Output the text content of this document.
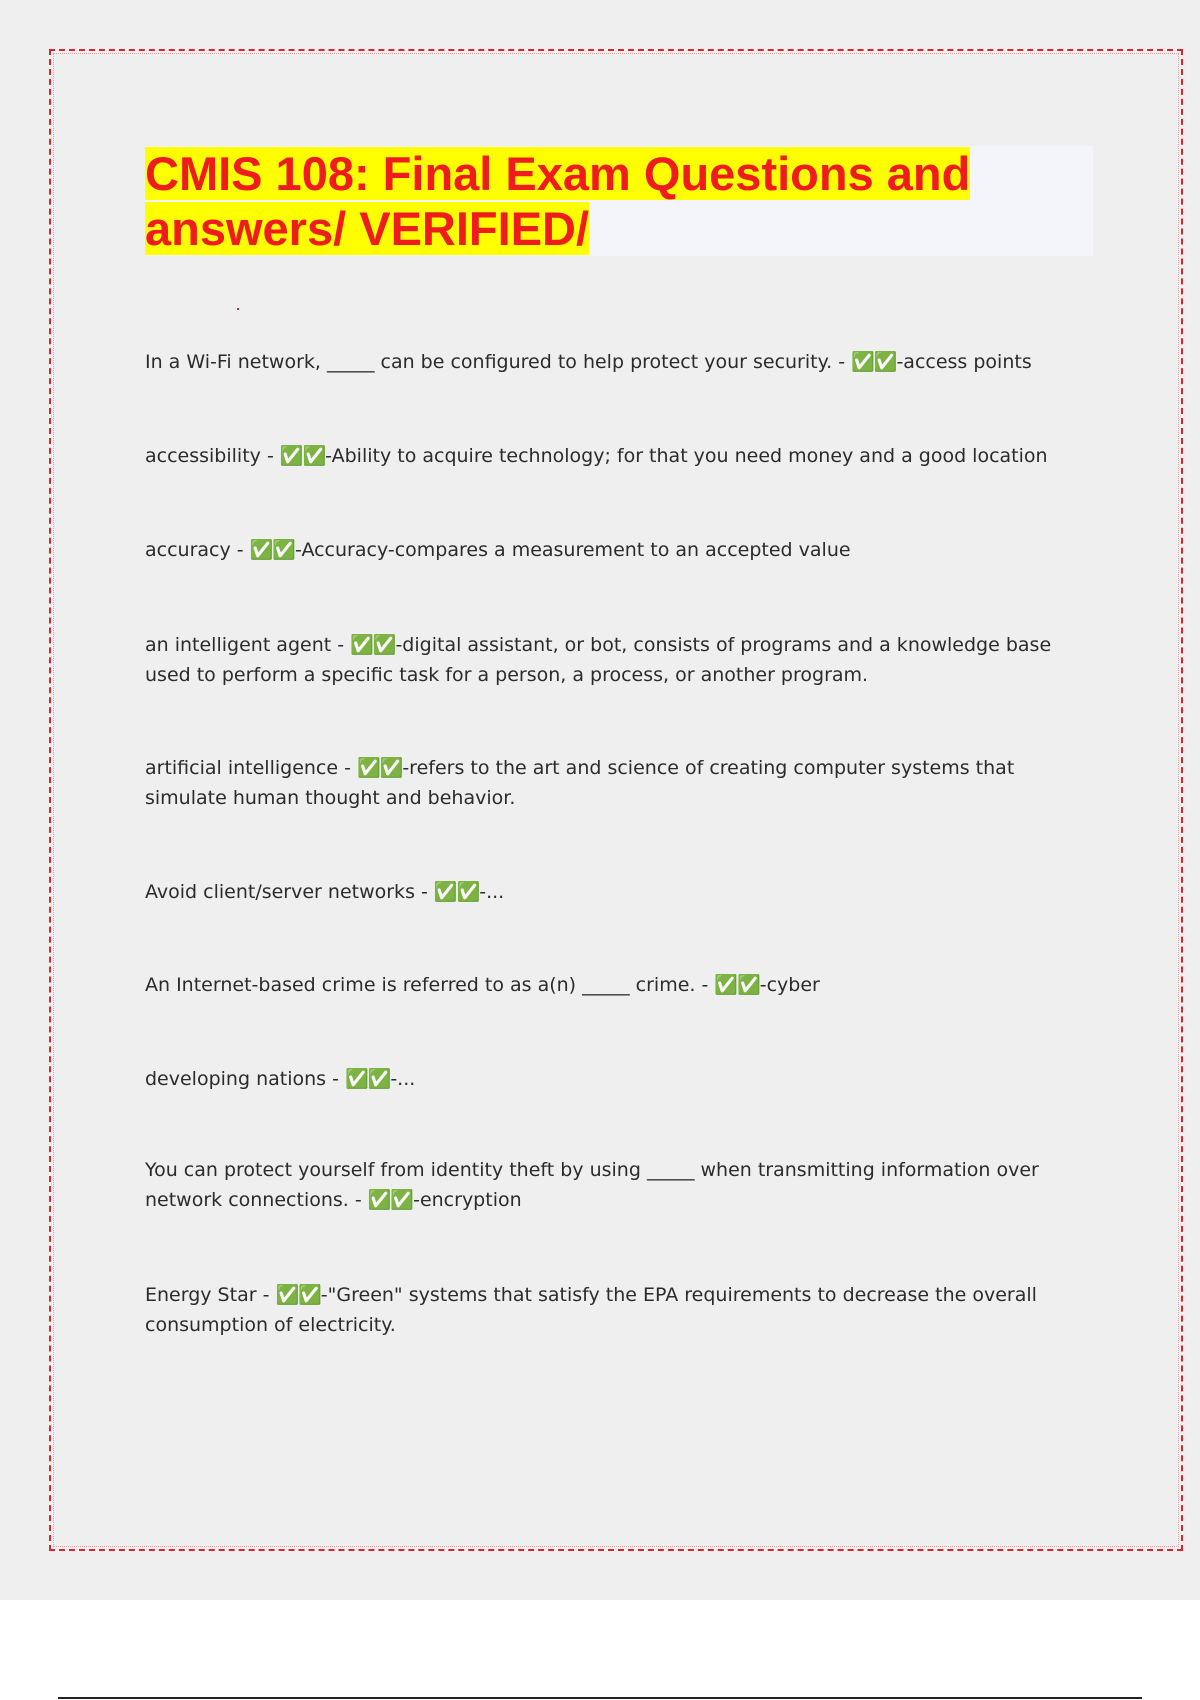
CMIS 108: Final Exam Questions and
answers/ VERIFIED/

In a Wi-Fi network, _____ can be configured to help protect your security. - ✅✅-access points

accessibility - ✅✅-Ability to acquire technology; for that you need money and a good location

accuracy - ✅✅-Accuracy-compares a measurement to an accepted value

an intelligent agent - ✅✅-digital assistant, or bot, consists of programs and a knowledge base used to perform a specific task for a person, a process, or another program.

artificial intelligence - ✅✅-refers to the art and science of creating computer systems that simulate human thought and behavior.

Avoid client/server networks - ✅✅-...

An Internet-based crime is referred to as a(n) _____ crime. - ✅✅-cyber

developing nations - ✅✅-...

You can protect yourself from identity theft by using _____ when transmitting information over network connections. - ✅✅-encryption

Energy Star - ✅✅-"Green" systems that satisfy the EPA requirements to decrease the overall consumption of electricity.
